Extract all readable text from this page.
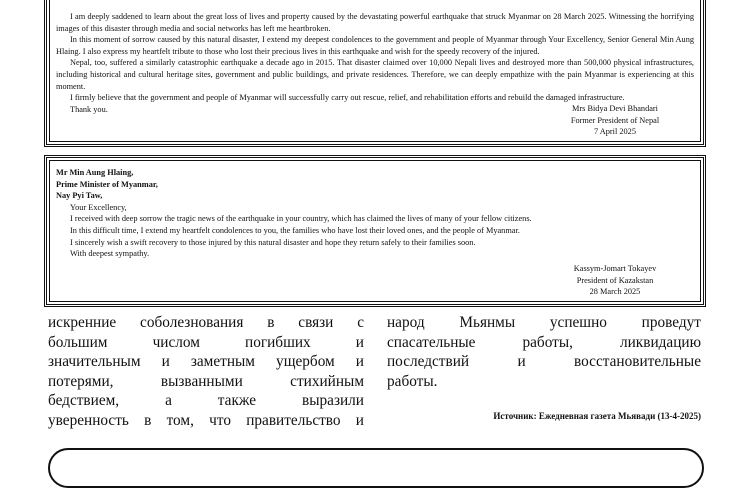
I am deeply saddened to learn about the great loss of lives and property caused by the devastating powerful earthquake that struck Myanmar on 28 March 2025. Witnessing the horrifying images of this disaster through media and social networks has left me heartbroken.

In this moment of sorrow caused by this natural disaster, I extend my deepest condolences to the government and people of Myanmar through Your Excellency, Senior General Min Aung Hlaing. I also express my heartfelt tribute to those who lost their precious lives in this earthquake and wish for the speedy recovery of the injured.

Nepal, too, suffered a similarly catastrophic earthquake a decade ago in 2015. That disaster claimed over 10,000 Nepali lives and destroyed more than 500,000 physical infrastructures, including historical and cultural heritage sites, government and public buildings, and private residences. Therefore, we can deeply empathize with the pain Myanmar is experiencing at this moment.

I firmly believe that the government and people of Myanmar will successfully carry out rescue, relief, and rehabilitation efforts and rebuild the damaged infrastructure.

Thank you.	Mrs Bidya Devi Bhandari

Former President of Nepal

7 April 2025

Mr Min Aung Hlaing,

Prime Minister of Myanmar,

Nay Pyi Taw,

Your Excellency,

I received with deep sorrow the tragic news of the earthquake in your country, which has claimed the lives of many of your fellow citizens.

In this difficult time, I extend my heartfelt condolences to you, the families who have lost their loved ones, and the people of Myanmar.

I sincerely wish a swift recovery to those injured by this natural disaster and hope they return safely to their families soon.

With deepest sympathy.

Kassym-Jomart Tokayev

President of Kazakstan

28 March 2025

искренние соболезнования в связи с
большим числом погибших и
значительным и заметным ущербом и
потерями, вызванными стихийным
бедствием, а также выразили
уверенность в том, что правительство и
народ Мьянмы успешно проведут
спасательные работы, ликвидацию
последствий и восстановительные
работы.
Источник: Ежедневная газета Мьявади (13-4-2025)
